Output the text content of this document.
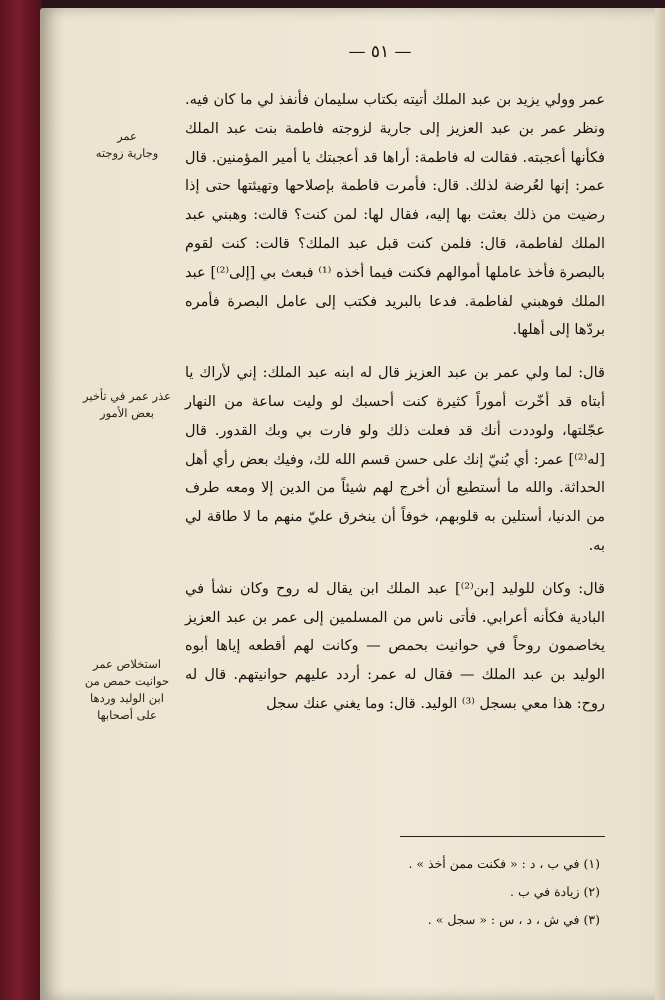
— ٥١ —
عمر
وجارية زوجته
عذر عمر في تأخير
بعض الأمور
استخلاص عمر
حوانيت حمص من
ابن الوليد وردها
على أصحابها

عمر وولي يزيد بن عبد الملك أتيته بكتاب سليمان فأنفذ لي ما كان فيه. ونظر عمر بن عبد العزيز إلى جارية لزوجته فاطمة بنت عبد الملك فكأنها أعجبته. فقالت له فاطمة: أراها قد أعجبتك يا أمير المؤمنين. قال عمر: إنها لعُرضة لذلك. قال: فأمرت فاطمة بإصلاحها وتهيئتها حتى إذا رضيت من ذلك بعثت بها إليه، فقال لها: لمن كنت؟ قالت: وهبني عبد الملك لفاطمة، قال: فلمن كنت قبل عبد الملك؟ قالت: كنت لقوم بالبصرة فأخذ عاملها أموالهم فكنت فيما أخذه ⁽¹⁾ فبعث بي [إلى⁽²⁾] عبد الملك فوهبني لفاطمة. فدعا بالبريد فكتب إلى عامل البصرة فأمره بردّها إلى أهلها.

قال: لما ولي عمر بن عبد العزيز قال له ابنه عبد الملك: إني لأراك يا أبتاه قد أخّرت أموراً كثيرة كنت أحسبك لو وليت ساعة من النهار عجّلتها، ولوددت أنك قد فعلت ذلك ولو فارت بي وبك القدور. قال [له⁽²⁾] عمر: أي بُنيّ إنك على حسن قسم الله لك، وفيك بعض رأي أهل الحداثة. والله ما أستطيع أن أخرج لهم شيئاً من الدين إلا ومعه طرف من الدنيا، أستلين به قلوبهم، خوفاً أن ينخرق عليّ منهم ما لا طاقة لي به.

قال: وكان للوليد [بن⁽²⁾] عبد الملك ابن يقال له روح وكان نشأ في البادية فكأنه أعرابي. فأتى ناس من المسلمين إلى عمر بن عبد العزيز يخاصمون روحاً في حوانيت بحمص — وكانت لهم أقطعه إياها أبوه الوليد بن عبد الملك — فقال له عمر: أردد عليهم حوانيتهم. قال له روح: هذا معي بسجل ⁽³⁾ الوليد. قال: وما يغني عنك سجل

(١) في ب ، د : « فكنت ممن أخذ » .
(٢) زيادة في ب .
(٣) في ش ، د ، س : « سجل » .
